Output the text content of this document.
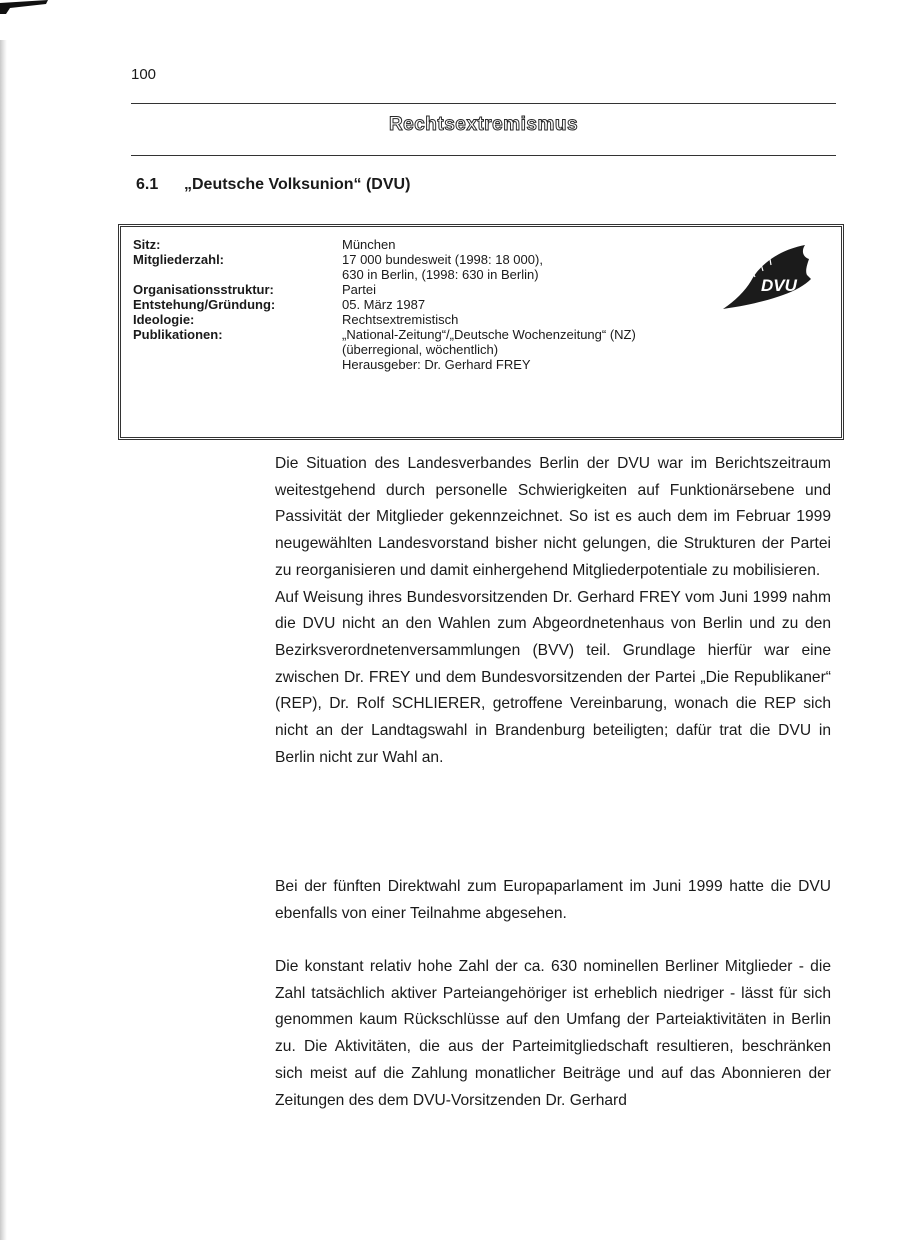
100
Rechtsextremismus
6.1 „Deutsche Volksunion“ (DVU)
Sitz:	München
Mitgliederzahl:	17 000 bundesweit (1998: 18 000),
630 in Berlin, (1998: 630 in Berlin)
Organisationsstruktur:	Partei
Entstehung/Gründung:	05. März 1987
Ideologie:	Rechtsextremistisch
Publikationen:	„National-Zeitung“/„Deutsche Wochenzeitung“ (NZ)
(überregional, wöchentlich)
Herausgeber: Dr. Gerhard FREY
DVU

Die Situation des Landesverbandes Berlin der DVU war im Berichtszeitraum weitestgehend durch personelle Schwierigkeiten auf Funktionärsebene und Passivität der Mitglieder gekennzeichnet. So ist es auch dem im Februar 1999 neugewählten Landesvorstand bisher nicht gelungen, die Strukturen der Partei zu reorganisieren und damit einhergehend Mitgliederpotentiale zu mobilisieren.

Auf Weisung ihres Bundesvorsitzenden Dr. Gerhard FREY vom Juni 1999 nahm die DVU nicht an den Wahlen zum Abgeordnetenhaus von Berlin und zu den Bezirksverordnetenversammlungen (BVV) teil. Grundlage hierfür war eine zwischen Dr. FREY und dem Bundesvorsitzenden der Partei „Die Republikaner“ (REP), Dr. Rolf SCHLIERER, getroffene Vereinbarung, wonach die REP sich nicht an der Landtagswahl in Brandenburg beteiligten; dafür trat die DVU in Berlin nicht zur Wahl an.

Bei der fünften Direktwahl zum Europaparlament im Juni 1999 hatte die DVU ebenfalls von einer Teilnahme abgesehen.

Die konstant relativ hohe Zahl der ca. 630 nominellen Berliner Mitglieder - die Zahl tatsächlich aktiver Parteiangehöriger ist erheblich niedriger - lässt für sich genommen kaum Rückschlüsse auf den Umfang der Parteiaktivitäten in Berlin zu. Die Aktivitäten, die aus der Parteimitgliedschaft resultieren, beschränken sich meist auf die Zahlung monatlicher Beiträge und auf das Abonnieren der Zeitungen des dem DVU-Vorsitzenden Dr. Gerhard
